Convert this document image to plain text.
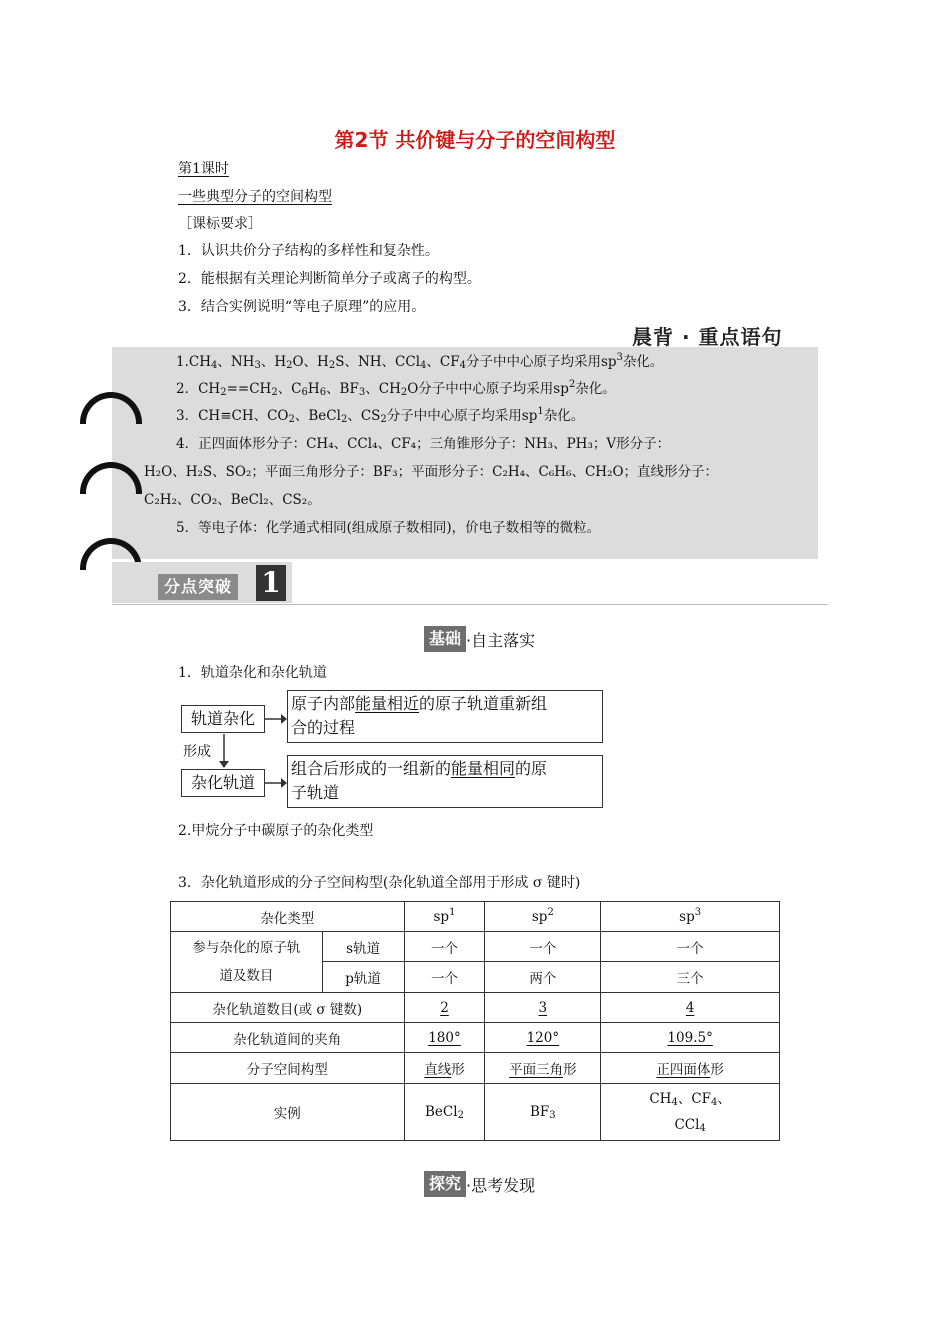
第2节 共价键与分子的空间构型
第1课时
一些典型分子的空间构型
［课标要求］
1．认识共价分子结构的多样性和复杂性。
2．能根据有关理论判断简单分子或离子的构型。
3．结合实例说明“等电子原理”的应用。
晨背 · 重点语句
$1.CH_4$、$NH_3$、$H_2O$、$H_2S$、NH、CCl$_4$、$CF_4$分子中中心原子均采用$sp^3$杂化。
2．$CH_2==CH_2$、$C_6H_6$、$BF_3$、$CH_2O$分子中中心原子均采用$sp^2$杂化。
3．CH≡CH、$CO_2$、BeCl$_2$、$CS_2$分子中中心原子均采用$sp^1$杂化。
4．正四面体形分子：CH₄、CCl₄、CF₄；三角锥形分子：NH₃、PH₃；V形分子：
H₂O、H₂S、SO₂；平面三角形分子：BF₃；平面形分子：C₂H₄、C₆H₆、CH₂O；直线形分子：
C₂H₂、CO₂、BeCl₂、CS₂。
5．等电子体：化学通式相同(组成原子数相同)，价电子数相等的微粒。
分点突破 1
基础 ·自主落实
1．轨道杂化和杂化轨道
轨道杂化
原子内部能量相近的原子轨道重新组
合的过程
形成
杂化轨道
组合后形成的一组新的能量相同的原
子轨道
2.甲烷分子中碳原子的杂化类型
3．杂化轨道形成的分子空间构型(杂化轨道全部用于形成 σ 键时)
杂化类型		$sp^1$	$sp^2$	$sp^3$

参与杂化的原子轨
道及数目	s轨道	一个	一个	一个
	p轨道	一个	两个	三个
杂化轨道数目(或 σ 键数)		2	3	4
杂化轨道间的夹角		180°	120°	109.5°
分子空间构型		直线形	平面三角形	正四面体形
实例		BeCl$_2$	$BF_3$	$CH_4$、$CF_4$、
CCl$_4$
探究 ·思考发现
